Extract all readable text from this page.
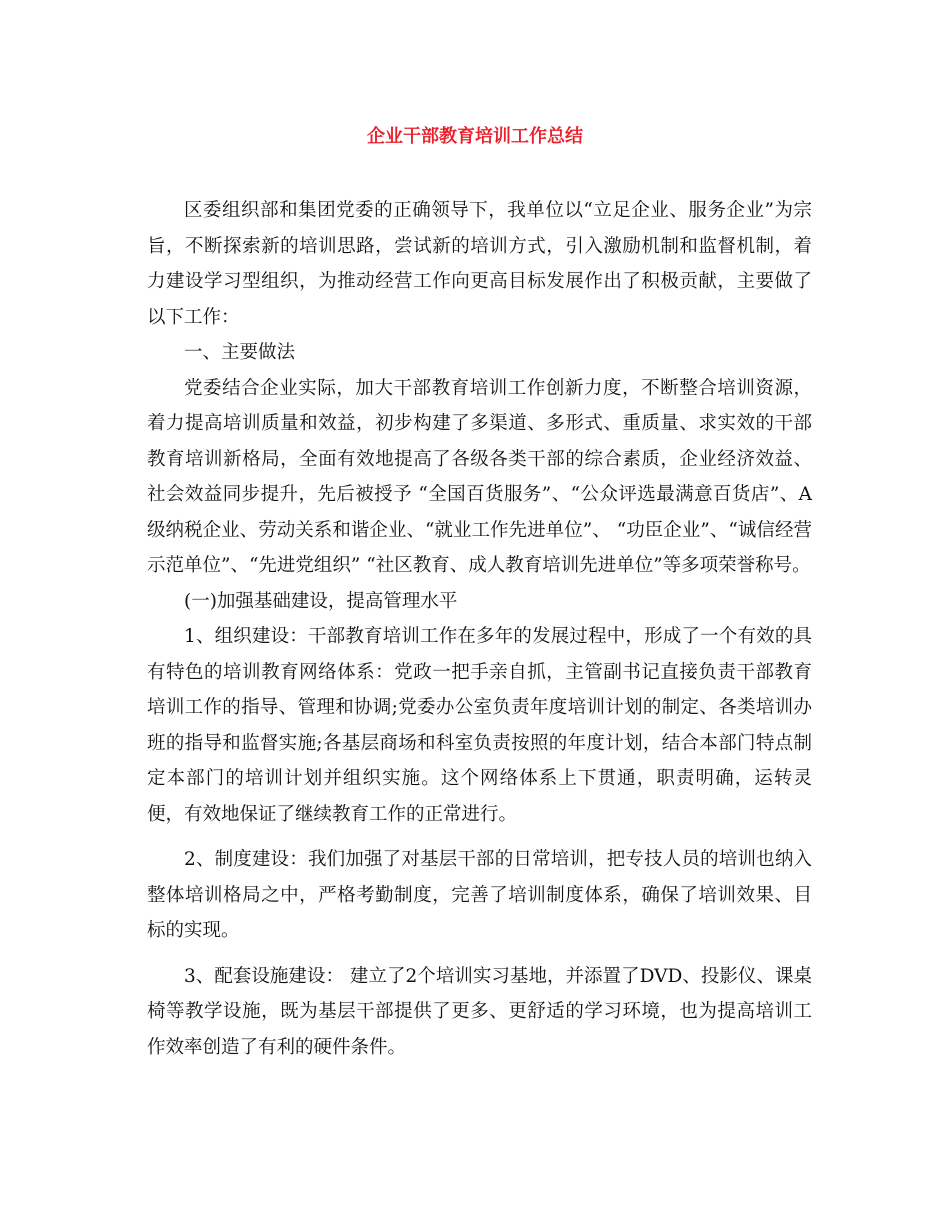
企业干部教育培训工作总结

区委组织部和集团党委的正确领导下，我单位以“立足企业、服务企业”为宗旨，不断探索新的培训思路，尝试新的培训方式，引入激励机制和监督机制，着力建设学习型组织，为推动经营工作向更高目标发展作出了积极贡献，主要做了以下工作：

一、主要做法

党委结合企业实际，加大干部教育培训工作创新力度，不断整合培训资源，着力提高培训质量和效益，初步构建了多渠道、多形式、重质量、求实效的干部教育培训新格局，全面有效地提高了各级各类干部的综合素质，企业经济效益、社会效益同步提升，先后被授予 “全国百货服务”、“公众评选最满意百货店”、A级纳税企业、劳动关系和谐企业、“就业工作先进单位”、 “功臣企业”、“诚信经营示范单位”、“先进党组织” “社区教育、成人教育培训先进单位”等多项荣誉称号。

(一)加强基础建设，提高管理水平

1、组织建设：干部教育培训工作在多年的发展过程中，形成了一个有效的具有特色的培训教育网络体系：党政一把手亲自抓，主管副书记直接负责干部教育培训工作的指导、管理和协调;党委办公室负责年度培训计划的制定、各类培训办班的指导和监督实施;各基层商场和科室负责按照的年度计划，结合本部门特点制定本部门的培训计划并组织实施。这个网络体系上下贯通，职责明确，运转灵便，有效地保证了继续教育工作的正常进行。

2、制度建设：我们加强了对基层干部的日常培训，把专技人员的培训也纳入整体培训格局之中，严格考勤制度，完善了培训制度体系，确保了培训效果、目标的实现。

3、配套设施建设： 建立了2个培训实习基地，并添置了DVD、投影仪、课桌椅等教学设施，既为基层干部提供了更多、更舒适的学习环境，也为提高培训工作效率创造了有利的硬件条件。
